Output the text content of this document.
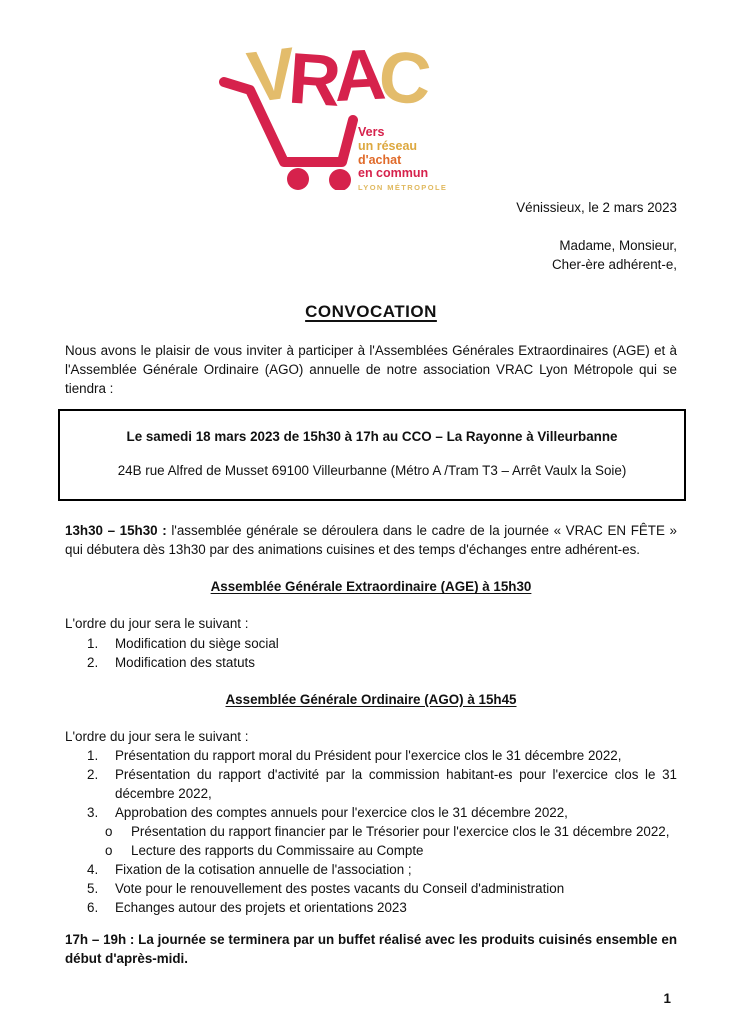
V
R
A
C
Vers
un réseau
d'achat
en commun
LYON MÉTROPOLE
Vénissieux, le 2 mars 2023
Madame, Monsieur,
Cher-ère adhérent-e,
CONVOCATION
Nous avons le plaisir de vous inviter à participer à l'Assemblées Générales Extraordinaires (AGE) et à l'Assemblée Générale Ordinaire (AGO) annuelle de notre association VRAC Lyon Métropole qui se tiendra :
Le samedi 18 mars 2023 de 15h30 à 17h au CCO – La Rayonne à Villeurbanne
24B rue Alfred de Musset 69100 Villeurbanne (Métro A /Tram T3 – Arrêt Vaulx la Soie)
13h30 – 15h30 : l'assemblée générale se déroulera dans le cadre de la journée « VRAC EN FÊTE » qui débutera dès 13h30 par des animations cuisines et des temps d'échanges entre adhérent-es.
Assemblée Générale Extraordinaire (AGE) à 15h30
L'ordre du jour sera le suivant :
1.	Modification du siège social
2.	Modification des statuts
Assemblée Générale Ordinaire (AGO) à 15h45
L'ordre du jour sera le suivant :
1.	Présentation du rapport moral du Président pour l'exercice clos le 31 décembre 2022,
2.	Présentation du rapport d'activité par la commission habitant-es pour l'exercice clos le 31 décembre 2022,
3.	Approbation des comptes annuels pour l'exercice clos le 31 décembre 2022,
o	Présentation du rapport financier par le Trésorier pour l'exercice clos le 31 décembre 2022,
o	Lecture des rapports du Commissaire au Compte
4.	Fixation de la cotisation annuelle de l'association ;
5.	Vote pour le renouvellement des postes vacants du Conseil d'administration
6.	Echanges autour des projets et orientations 2023
17h – 19h : La journée se terminera par un buffet réalisé avec les produits cuisinés ensemble en début d'après-midi.
1
